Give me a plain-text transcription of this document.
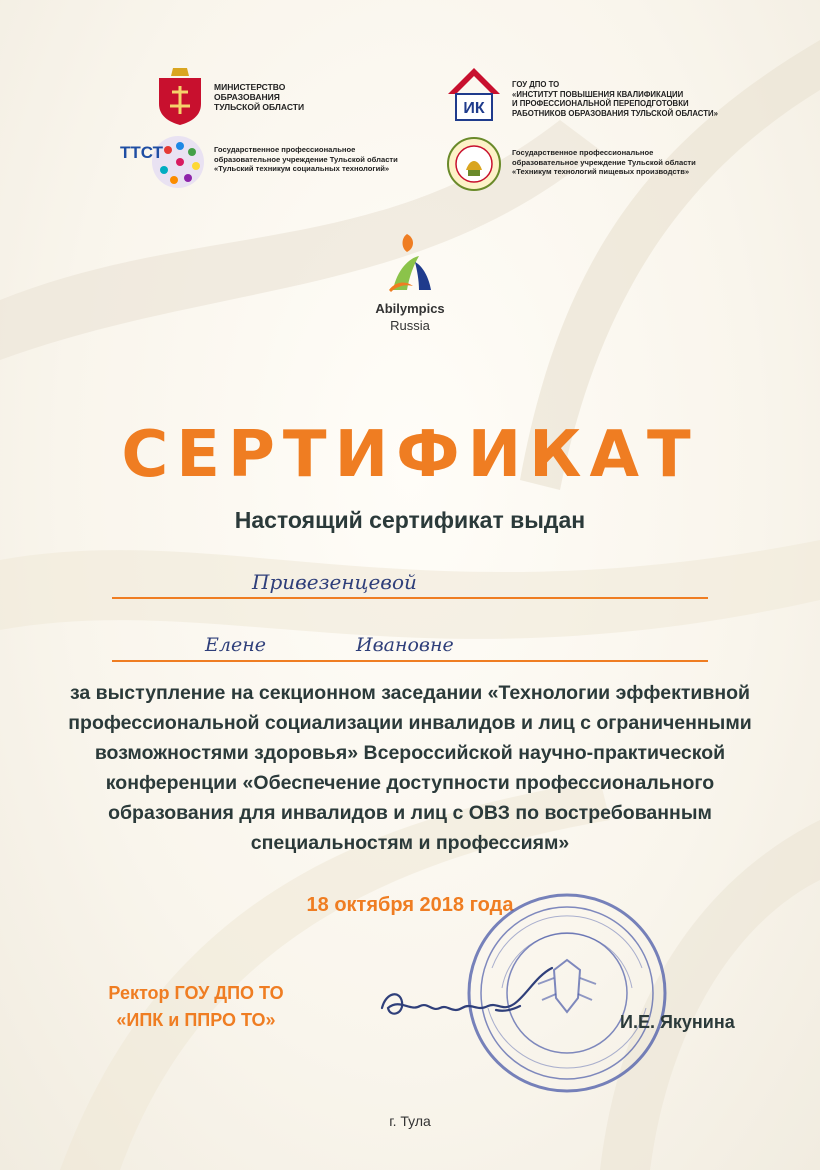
МИНИСТЕРСТВО
ОБРАЗОВАНИЯ
ТУЛЬСКОЙ ОБЛАСТИ	ИК
ГОУ ДПО ТО
«ИНСТИТУТ ПОВЫШЕНИЯ КВАЛИФИКАЦИИ
И ПРОФЕССИОНАЛЬНОЙ ПЕРЕПОДГОТОВКИ
РАБОТНИКОВ ОБРАЗОВАНИЯ ТУЛЬСКОЙ ОБЛАСТИ»
ТТСТ	Государственное профессиональное
образовательное учреждение Тульской области
«Тульский техникум социальных технологий»
Государственное профессиональное
образовательное учреждение Тульской области
«Техникум технологий пищевых производств»
Abilympics
Russia
СЕРТИФИКАТ
Настоящий сертификат выдан
Привезенцевой
Елене	Ивановне
за выступление на секционном заседании «Технологии эффективной
профессиональной социализации инвалидов и лиц с ограниченными
возможностями здоровья» Всероссийской научно-практической
конференции «Обеспечение доступности профессионального
образования для инвалидов и лиц с ОВЗ по востребованным
специальностям и профессиям»
18 октября 2018 года
Ректор ГОУ ДПО ТО
«ИПК и ППРО ТО»	И.Е. Якунина
г. Тула
